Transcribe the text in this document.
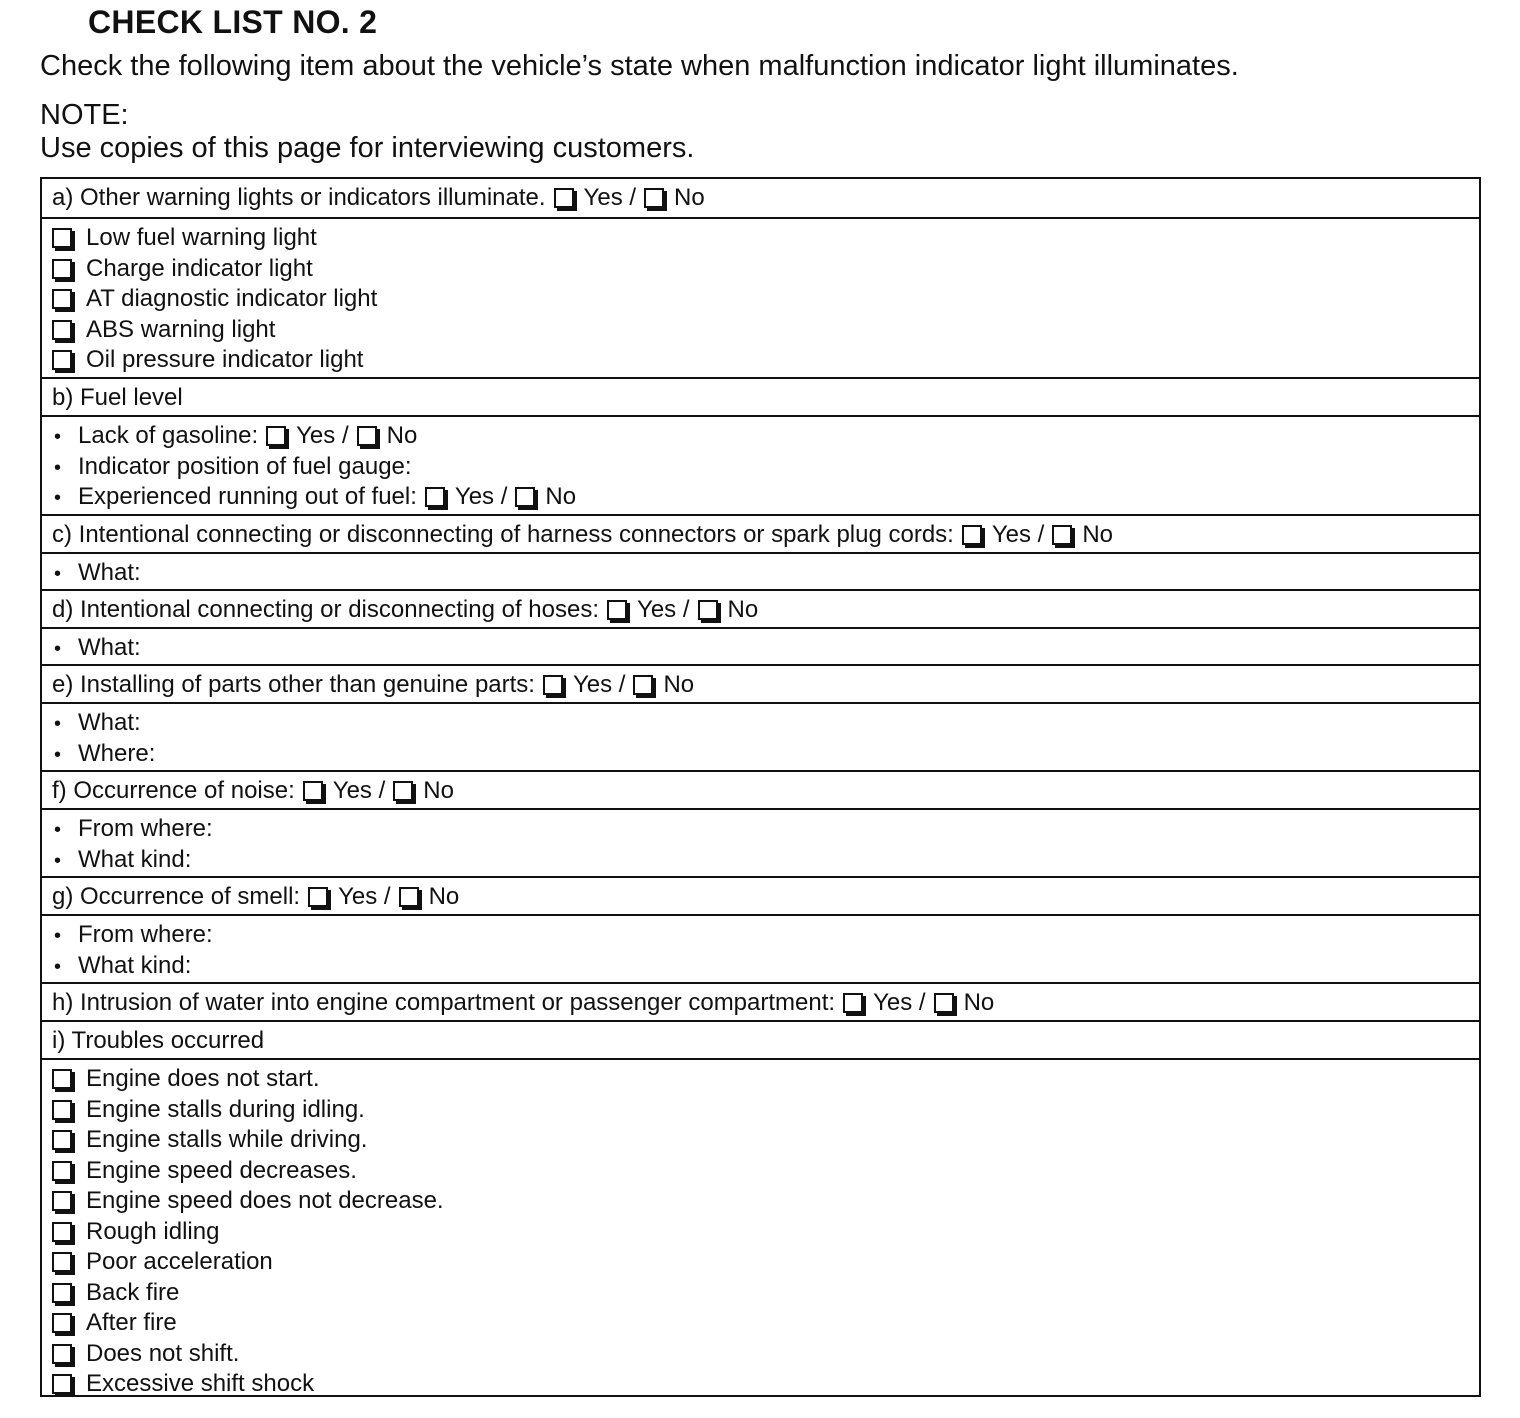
CHECK LIST NO. 2

Check the following item about the vehicle’s state when malfunction indicator light illuminates.

NOTE:

Use copies of this page for interviewing customers.

a) Other warning lights or indicators illuminate. Yes / No
Low fuel warning light
Charge indicator light
AT diagnostic indicator light
ABS warning light
Oil pressure indicator light
b) Fuel level
• Lack of gasoline: Yes / No
• Indicator position of fuel gauge:
• Experienced running out of fuel: Yes / No
c) Intentional connecting or disconnecting of harness connectors or spark plug cords: Yes / No
• What:
d) Intentional connecting or disconnecting of hoses: Yes / No
• What:
e) Installing of parts other than genuine parts: Yes / No
• What:
• Where:
f) Occurrence of noise: Yes / No
• From where:
• What kind:
g) Occurrence of smell: Yes / No
• From where:
• What kind:
h) Intrusion of water into engine compartment or passenger compartment: Yes / No
i) Troubles occurred
Engine does not start.
Engine stalls during idling.
Engine stalls while driving.
Engine speed decreases.
Engine speed does not decrease.
Rough idling
Poor acceleration
Back fire
After fire
Does not shift.
Excessive shift shock
